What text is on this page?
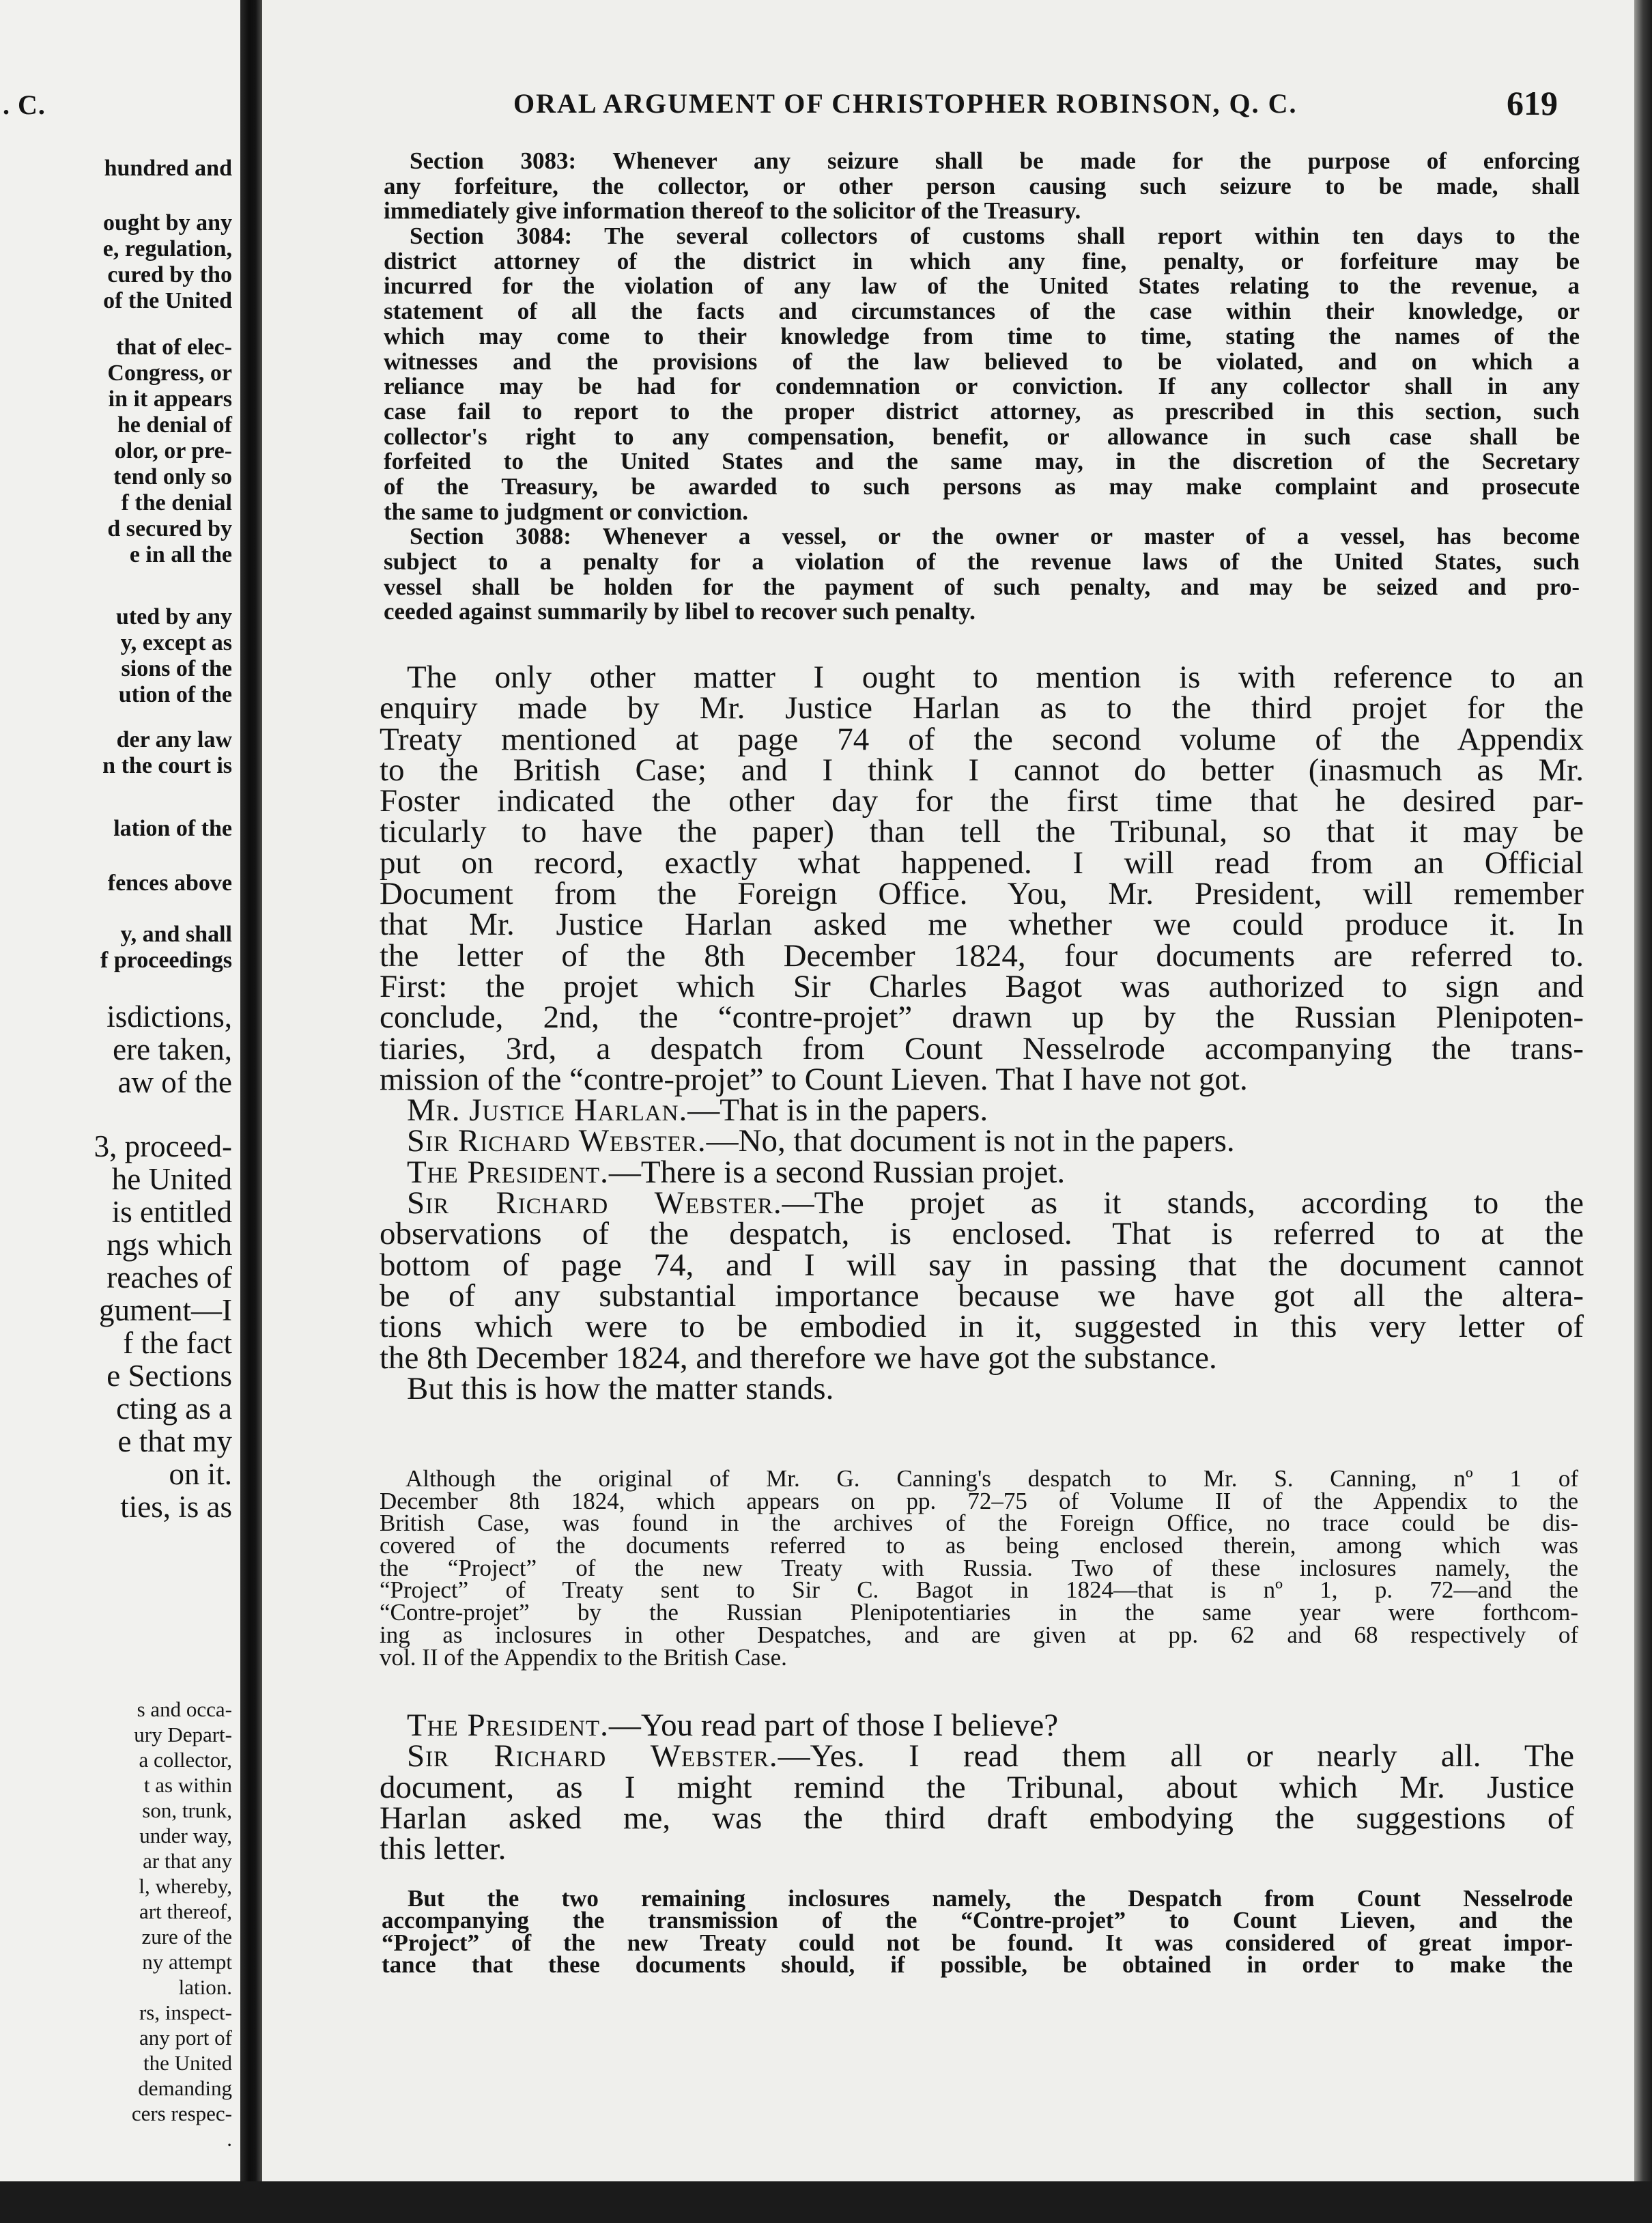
. C.
hundred and
ought by any
e, regulation,
cured by tho
of the United
that of elec-
Congress, or
in it appears
he denial of
olor, or pre-
tend only so
f the denial
d secured by
e in all the
uted by any
y, except as
sions of the
ution of the
der any law
n the court is
lation of the
fences above
y, and shall
f proceedings
isdictions,
ere taken,
aw of the
3, proceed-
he United
is entitled
ngs which
reaches of
gument—I
f the fact
e Sections
cting as a
e that my
on it.
ties, is as
s and occa-
ury Depart-
a collector,
t as within
son, trunk,
under way,
ar that any
l, whereby,
art thereof,
zure of the
ny attempt
lation.
rs, inspect-
any port of
the United
demanding
cers respec-
.
ORAL ARGUMENT OF CHRISTOPHER ROBINSON, Q. C.	619
Section 3083: Whenever any seizure shall be made for the purpose of enforcing
any forfeiture, the collector, or other person causing such seizure to be made, shall
immediately give information thereof to the solicitor of the Treasury.
Section 3084: The several collectors of customs shall report within ten days to the
district attorney of the district in which any fine, penalty, or forfeiture may be
incurred for the violation of any law of the United States relating to the revenue, a
statement of all the facts and circumstances of the case within their knowledge, or
which may come to their knowledge from time to time, stating the names of the
witnesses and the provisions of the law believed to be violated, and on which a
reliance may be had for condemnation or conviction. If any collector shall in any
case fail to report to the proper district attorney, as prescribed in this section, such
collector's right to any compensation, benefit, or allowance in such case shall be
forfeited to the United States and the same may, in the discretion of the Secretary
of the Treasury, be awarded to such persons as may make complaint and prosecute
the same to judgment or conviction.
Section 3088: Whenever a vessel, or the owner or master of a vessel, has become
subject to a penalty for a violation of the revenue laws of the United States, such
vessel shall be holden for the payment of such penalty, and may be seized and pro-
ceeded against summarily by libel to recover such penalty.
The only other matter I ought to mention is with reference to an
enquiry made by Mr. Justice Harlan as to the third projet for the
Treaty mentioned at page 74 of the second volume of the Appendix
to the British Case; and I think I cannot do better (inasmuch as Mr.
Foster indicated the other day for the first time that he desired par-
ticularly to have the paper) than tell the Tribunal, so that it may be
put on record, exactly what happened. I will read from an Official
Document from the Foreign Office. You, Mr. President, will remember
that Mr. Justice Harlan asked me whether we could produce it. In
the letter of the 8th December 1824, four documents are referred to.
First: the projet which Sir Charles Bagot was authorized to sign and
conclude, 2nd, the “contre-projet” drawn up by the Russian Plenipoten-
tiaries, 3rd, a despatch from Count Nesselrode accompanying the trans-
mission of the “contre-projet” to Count Lieven. That I have not got.
Mr. Justice Harlan.—That is in the papers.
Sir Richard Webster.—No, that document is not in the papers.
The President.—There is a second Russian projet.
Sir Richard Webster.—The projet as it stands, according to the
observations of the despatch, is enclosed. That is referred to at the
bottom of page 74, and I will say in passing that the document cannot
be of any substantial importance because we have got all the altera-
tions which were to be embodied in it, suggested in this very letter of
the 8th December 1824, and therefore we have got the substance.
But this is how the matter stands.
Although the original of Mr. G. Canning's despatch to Mr. S. Canning, nº 1 of
December 8th 1824, which appears on pp. 72–75 of Volume II of the Appendix to the
British Case, was found in the archives of the Foreign Office, no trace could be dis-
covered of the documents referred to as being enclosed therein, among which was
the “Project” of the new Treaty with Russia. Two of these inclosures namely, the
“Project” of Treaty sent to Sir C. Bagot in 1824—that is nº 1, p. 72—and the
“Contre-projet” by the Russian Plenipotentiaries in the same year were forthcom-
ing as inclosures in other Despatches, and are given at pp. 62 and 68 respectively of
vol. II of the Appendix to the British Case.
The President.—You read part of those I believe?
Sir Richard Webster.—Yes. I read them all or nearly all. The
document, as I might remind the Tribunal, about which Mr. Justice
Harlan asked me, was the third draft embodying the suggestions of
this letter.
But the two remaining inclosures namely, the Despatch from Count Nesselrode
accompanying the transmission of the “Contre-projet” to Count Lieven, and the
“Project” of the new Treaty could not be found. It was considered of great impor-
tance that these documents should, if possible, be obtained in order to make the
